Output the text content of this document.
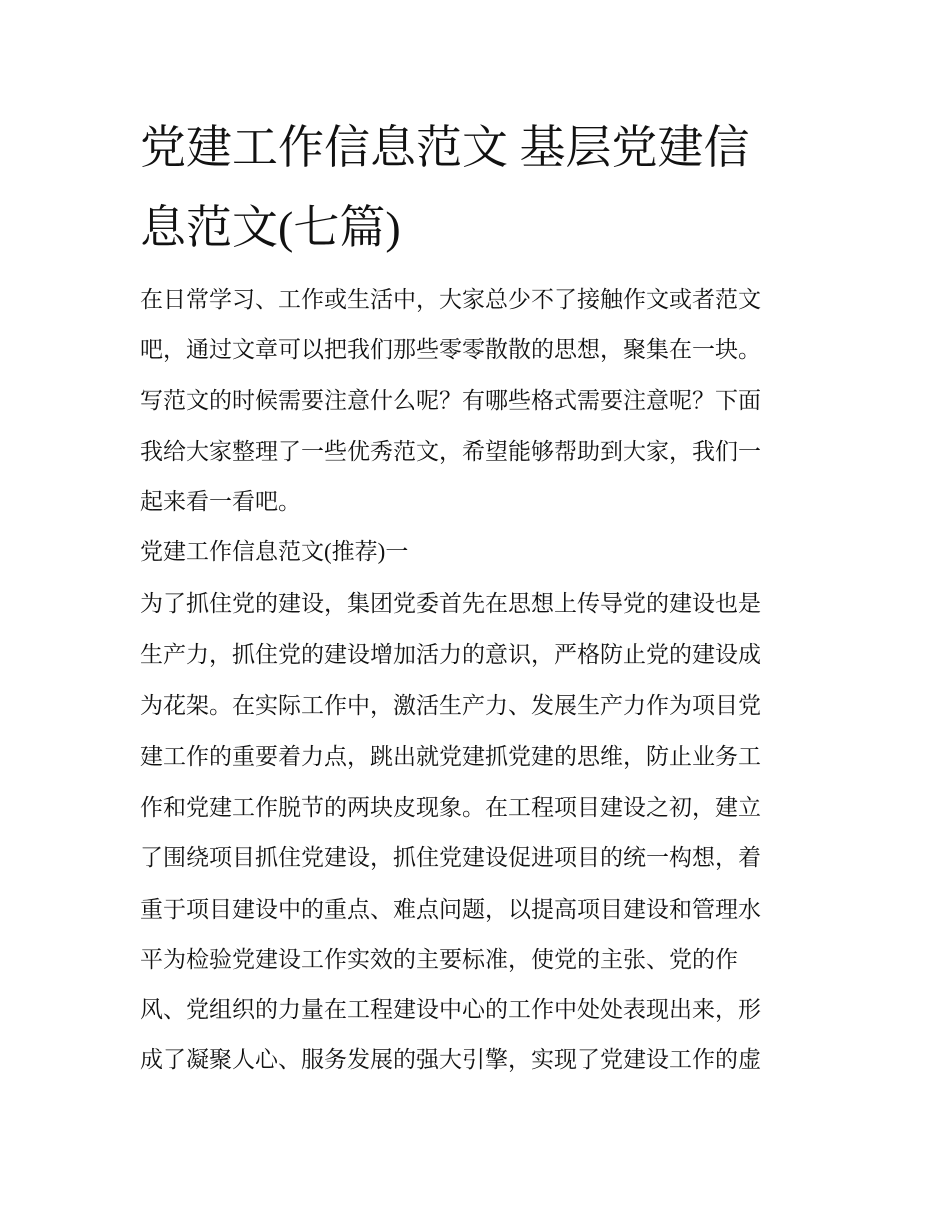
党建工作信息范文 基层党建信
息范文(七篇)
在日常学习、工作或生活中，大家总少不了接触作文或者范文
吧，通过文章可以把我们那些零零散散的思想，聚集在一块。
写范文的时候需要注意什么呢？有哪些格式需要注意呢？下面
我给大家整理了一些优秀范文，希望能够帮助到大家，我们一
起来看一看吧。
党建工作信息范文(推荐)一
为了抓住党的建设，集团党委首先在思想上传导党的建设也是
生产力，抓住党的建设增加活力的意识，严格防止党的建设成
为花架。在实际工作中，激活生产力、发展生产力作为项目党
建工作的重要着力点，跳出就党建抓党建的思维，防止业务工
作和党建工作脱节的两块皮现象。在工程项目建设之初，建立
了围绕项目抓住党建设，抓住党建设促进项目的统一构想，着
重于项目建设中的重点、难点问题，以提高项目建设和管理水
平为检验党建设工作实效的主要标准，使党的主张、党的作
风、党组织的力量在工程建设中心的工作中处处表现出来，形
成了凝聚人心、服务发展的强大引擎，实现了党建设工作的虚
